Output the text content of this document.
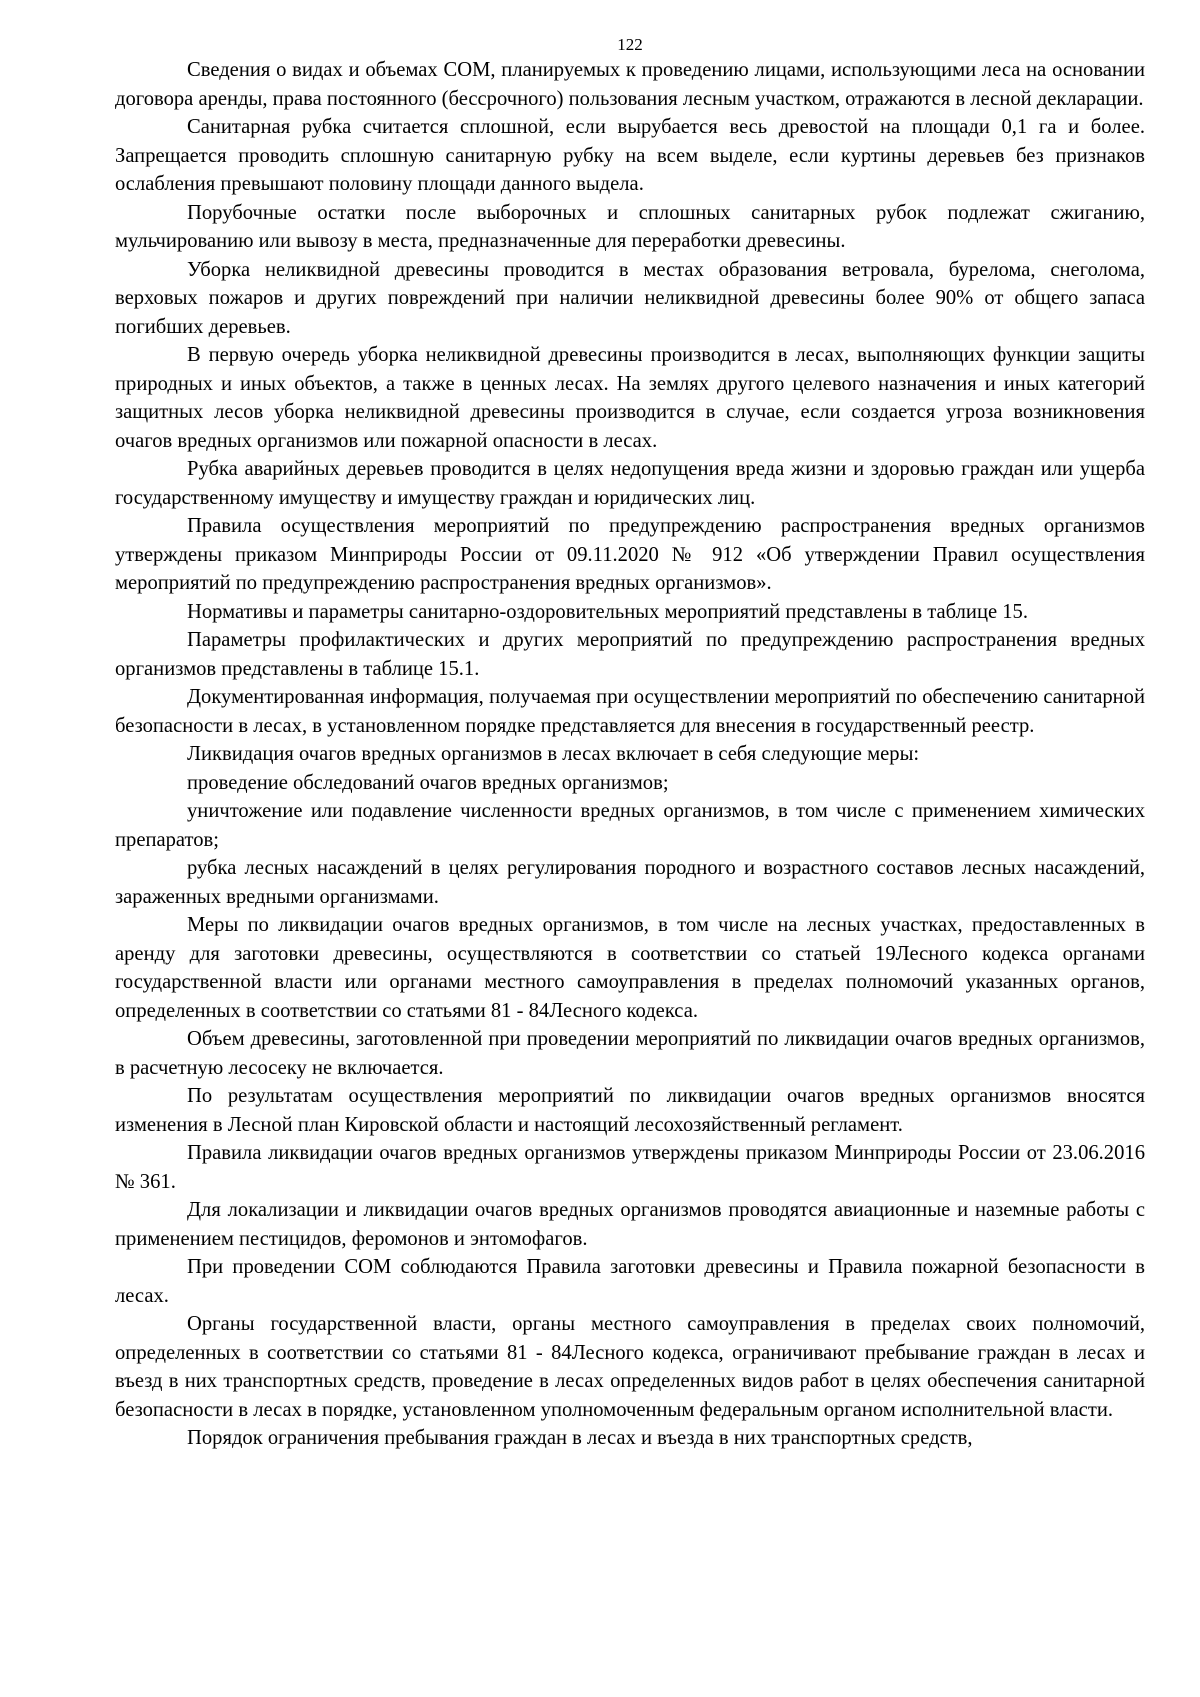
122

Сведения о видах и объемах СОМ, планируемых к проведению лицами, использующими леса на основании договора аренды, права постоянного (бессрочного) пользования лесным участком, отражаются в лесной декларации.

Санитарная рубка считается сплошной, если вырубается весь древостой на площади 0,1 га и более. Запрещается проводить сплошную санитарную рубку на всем выделе, если куртины деревьев без признаков ослабления превышают половину площади данного выдела.

Порубочные остатки после выборочных и сплошных санитарных рубок подлежат сжиганию, мульчированию или вывозу в места, предназначенные для переработки древесины.

Уборка неликвидной древесины проводится в местах образования ветровала, бурелома, снеголома, верховых пожаров и других повреждений при наличии неликвидной древесины более 90% от общего запаса погибших деревьев.

В первую очередь уборка неликвидной древесины производится в лесах, выполняющих функции защиты природных и иных объектов, а также в ценных лесах. На землях другого целевого назначения и иных категорий защитных лесов уборка неликвидной древесины производится в случае, если создается угроза возникновения очагов вредных организмов или пожарной опасности в лесах.

Рубка аварийных деревьев проводится в целях недопущения вреда жизни и здоровью граждан или ущерба государственному имуществу и имуществу граждан и юридических лиц.

Правила осуществления мероприятий по предупреждению распространения вредных организмов утверждены приказом Минприроды России от 09.11.2020 № 912 «Об утверждении Правил осуществления мероприятий по предупреждению распространения вредных организмов».

Нормативы и параметры санитарно-оздоровительных мероприятий представлены в таблице 15.

Параметры профилактических и других мероприятий по предупреждению распространения вредных организмов представлены в таблице 15.1.

Документированная информация, получаемая при осуществлении мероприятий по обеспечению санитарной безопасности в лесах, в установленном порядке представляется для внесения в государственный реестр.

Ликвидация очагов вредных организмов в лесах включает в себя следующие меры:

проведение обследований очагов вредных организмов;

уничтожение или подавление численности вредных организмов, в том числе с применением химических препаратов;

рубка лесных насаждений в целях регулирования породного и возрастного составов лесных насаждений, зараженных вредными организмами.

Меры по ликвидации очагов вредных организмов, в том числе на лесных участках, предоставленных в аренду для заготовки древесины, осуществляются в соответствии со статьей 19Лесного кодекса органами государственной власти или органами местного самоуправления в пределах полномочий указанных органов, определенных в соответствии со статьями 81 - 84Лесного кодекса.

Объем древесины, заготовленной при проведении мероприятий по ликвидации очагов вредных организмов, в расчетную лесосеку не включается.

По результатам осуществления мероприятий по ликвидации очагов вредных организмов вносятся изменения в Лесной план Кировской области и настоящий лесохозяйственный регламент.

Правила ликвидации очагов вредных организмов утверждены приказом Минприроды России от 23.06.2016 № 361.

Для локализации и ликвидации очагов вредных организмов проводятся авиационные и наземные работы с применением пестицидов, феромонов и энтомофагов.

При проведении СОМ соблюдаются Правила заготовки древесины и Правила пожарной безопасности в лесах.

Органы государственной власти, органы местного самоуправления в пределах своих полномочий, определенных в соответствии со статьями 81 - 84Лесного кодекса, ограничивают пребывание граждан в лесах и въезд в них транспортных средств, проведение в лесах определенных видов работ в целях обеспечения санитарной безопасности в лесах в порядке, установленном уполномоченным федеральным органом исполнительной власти.

Порядок ограничения пребывания граждан в лесах и въезда в них транспортных средств,
